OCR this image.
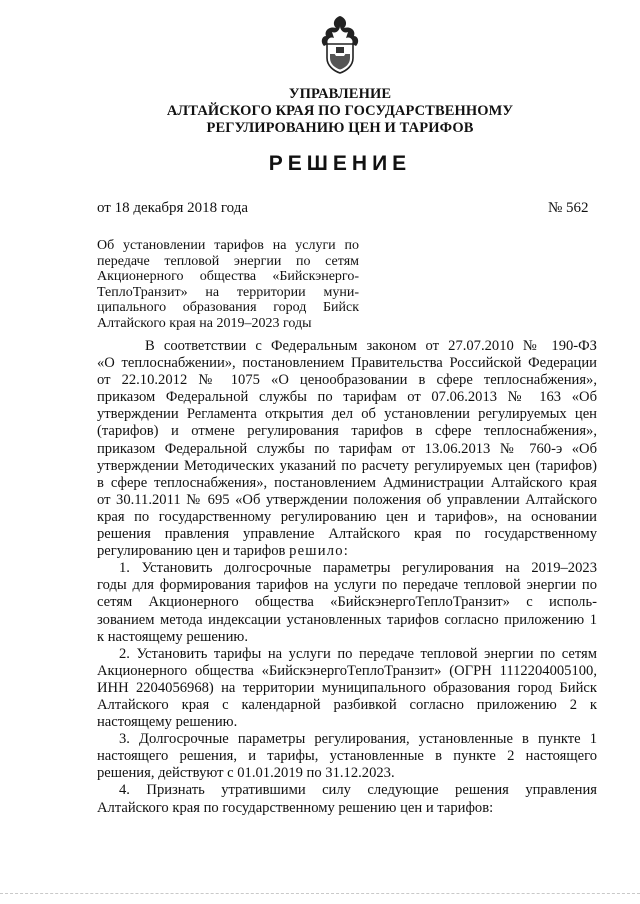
УПРАВЛЕНИЕ
АЛТАЙСКОГО КРАЯ ПО ГОСУДАРСТВЕННОМУ
РЕГУЛИРОВАНИЮ ЦЕН И ТАРИФОВ
РЕШЕНИЕ
от 18 декабря 2018 года	№ 562
Об установлении тарифов на услуги по
передаче тепловой энергии по сетям
Акционерного общества «Бийскэнерго-
ТеплоТранзит» на территории муни-
ципального образования город Бийск
Алтайского края на 2019–2023 годы
В соответствии с Федеральным законом от 27.07.2010 № 190-ФЗ
«О теплоснабжении», постановлением Правительства Российской Федерации
от 22.10.2012 № 1075 «О ценообразовании в сфере теплоснабжения»,
приказом Федеральной службы по тарифам от 07.06.2013 № 163 «Об
утверждении Регламента открытия дел об установлении регулируемых цен
(тарифов) и отмене регулирования тарифов в сфере теплоснабжения»,
приказом Федеральной службы по тарифам от 13.06.2013 № 760-э «Об
утверждении Методических указаний по расчету регулируемых цен (тарифов)
в сфере теплоснабжения», постановлением Администрации Алтайского края
от 30.11.2011 № 695 «Об утверждении положения об управлении Алтайского
края по государственному регулированию цен и тарифов», на основании
решения правления управление Алтайского края по государственному
регулированию цен и тарифов решило:
1. Установить долгосрочные параметры регулирования на 2019–2023
годы для формирования тарифов на услуги по передаче тепловой энергии по
сетям Акционерного общества «БийскэнергоТеплоТранзит» с исполь-
зованием метода индексации установленных тарифов согласно приложению 1
к настоящему решению.
2. Установить тарифы на услуги по передаче тепловой энергии по сетям
Акционерного общества «БийскэнергоТеплоТранзит» (ОГРН 1112204005100,
ИНН 2204056968) на территории муниципального образования город Бийск
Алтайского края с календарной разбивкой согласно приложению 2 к
настоящему решению.
3. Долгосрочные параметры регулирования, установленные в пункте 1
настоящего решения, и тарифы, установленные в пункте 2 настоящего
решения, действуют с 01.01.2019 по 31.12.2023.
4. Признать утратившими силу следующие решения управления
Алтайского края по государственному решению цен и тарифов:
